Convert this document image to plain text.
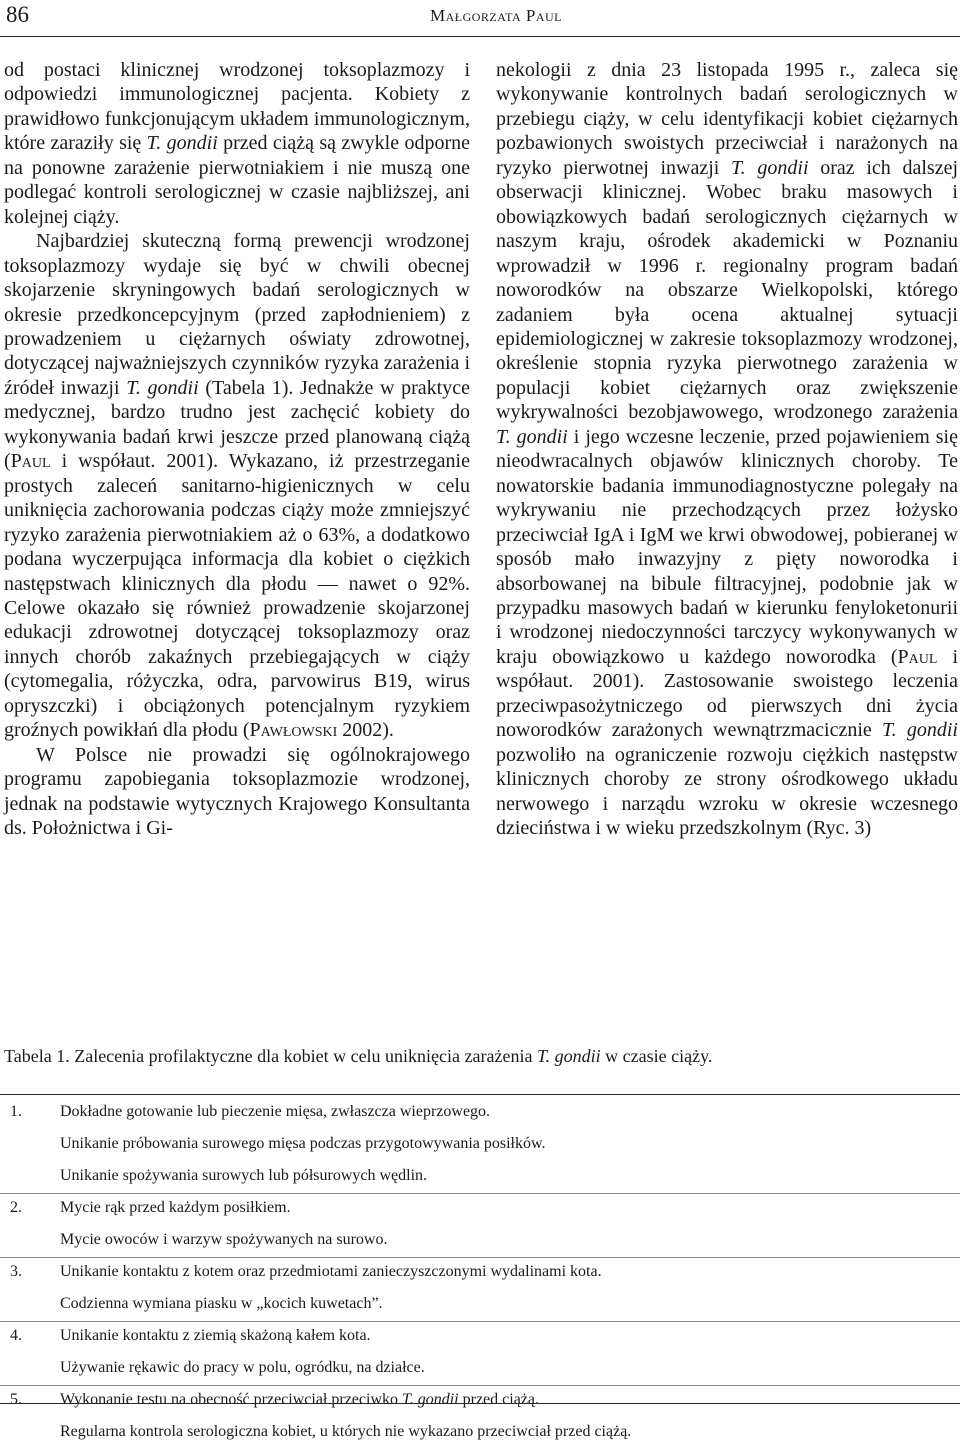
86	Małgorzata Paul

od postaci klinicznej wrodzonej toksoplazmozy i odpowiedzi immunologicznej pacjenta. Kobiety z prawidłowo funkcjonującym układem immunologicznym, które zaraziły się T. gondii przed ciążą są zwykle odporne na ponowne zarażenie pierwotniakiem i nie muszą one podlegać kontroli serologicznej w czasie najbliższej, ani kolejnej ciąży.

Najbardziej skuteczną formą prewencji wrodzonej toksoplazmozy wydaje się być w chwili obecnej skojarzenie skryningowych badań serologicznych w okresie przedkoncepcyjnym (przed zapłodnieniem) z prowadzeniem u ciężarnych oświaty zdrowotnej, dotyczącej najważniejszych czynników ryzyka zarażenia i źródeł inwazji T. gondii (Tabela 1). Jednakże w praktyce medycznej, bardzo trudno jest zachęcić kobiety do wykonywania badań krwi jeszcze przed planowaną ciążą (Paul i współaut. 2001). Wykazano, iż przestrzeganie prostych zaleceń sanitarno-higienicznych w celu uniknięcia zachorowania podczas ciąży może zmniejszyć ryzyko zarażenia pierwotniakiem aż o 63%, a dodatkowo podana wyczerpująca informacja dla kobiet o ciężkich następstwach klinicznych dla płodu — nawet o 92%. Celowe okazało się również prowadzenie skojarzonej edukacji zdrowotnej dotyczącej toksoplazmozy oraz innych chorób zakaźnych przebiegających w ciąży (cytomegalia, różyczka, odra, parvowirus B19, wirus opryszczki) i obciążonych potencjalnym ryzykiem groźnych powikłań dla płodu (Pawłowski 2002).

W Polsce nie prowadzi się ogólnokrajowego programu zapobiegania toksoplazmozie wrodzonej, jednak na podstawie wytycznych Krajowego Konsultanta ds. Położnictwa i Gi-

nekologii z dnia 23 listopada 1995 r., zaleca się wykonywanie kontrolnych badań serologicznych w przebiegu ciąży, w celu identyfikacji kobiet ciężarnych pozbawionych swoistych przeciwciał i narażonych na ryzyko pierwotnej inwazji T. gondii oraz ich dalszej obserwacji klinicznej. Wobec braku masowych i obowiązkowych badań serologicznych ciężarnych w naszym kraju, ośrodek akademicki w Poznaniu wprowadził w 1996 r. regionalny program badań noworodków na obszarze Wielkopolski, którego zadaniem była ocena aktualnej sytuacji epidemiologicznej w zakresie toksoplazmozy wrodzonej, określenie stopnia ryzyka pierwotnego zarażenia w populacji kobiet ciężarnych oraz zwiększenie wykrywalności bezobjawowego, wrodzonego zarażenia T. gondii i jego wczesne leczenie, przed pojawieniem się nieodwracalnych objawów klinicznych choroby. Te nowatorskie badania immunodiagnostyczne polegały na wykrywaniu nie przechodzących przez łożysko przeciwciał IgA i IgM we krwi obwodowej, pobieranej w sposób mało inwazyjny z pięty noworodka i absorbowanej na bibule filtracyjnej, podobnie jak w przypadku masowych badań w kierunku fenyloketonurii i wrodzonej niedoczynności tarczycy wykonywanych w kraju obowiązkowo u każdego noworodka (Paul i współaut. 2001). Zastosowanie swoistego leczenia przeciwpasożytniczego od pierwszych dni życia noworodków zarażonych wewnątrzmacicznie T. gondii pozwoliło na ograniczenie rozwoju ciężkich następstw klinicznych choroby ze strony ośrodkowego układu nerwowego i narządu wzroku w okresie wczesnego dzieciństwa i w wieku przedszkolnym (Ryc. 3)

Tabela 1. Zalecenia profilaktyczne dla kobiet w celu uniknięcia zarażenia T. gondii w czasie ciąży.
1.	Dokładne gotowanie lub pieczenie mięsa, zwłaszcza wieprzowego.
Unikanie próbowania surowego mięsa podczas przygotowywania posiłków.
Unikanie spożywania surowych lub półsurowych wędlin.
2.	Mycie rąk przed każdym posiłkiem.
Mycie owoców i warzyw spożywanych na surowo.
3.	Unikanie kontaktu z kotem oraz przedmiotami zanieczyszczonymi wydalinami kota.
Codzienna wymiana piasku w „kocich kuwetach”.
4.	Unikanie kontaktu z ziemią skażoną kałem kota.
Używanie rękawic do pracy w polu, ogródku, na działce.
5.	Wykonanie testu na obecność przeciwciał przeciwko T. gondii przed ciążą.
Regularna kontrola serologiczna kobiet, u których nie wykazano przeciwciał przed ciążą.
